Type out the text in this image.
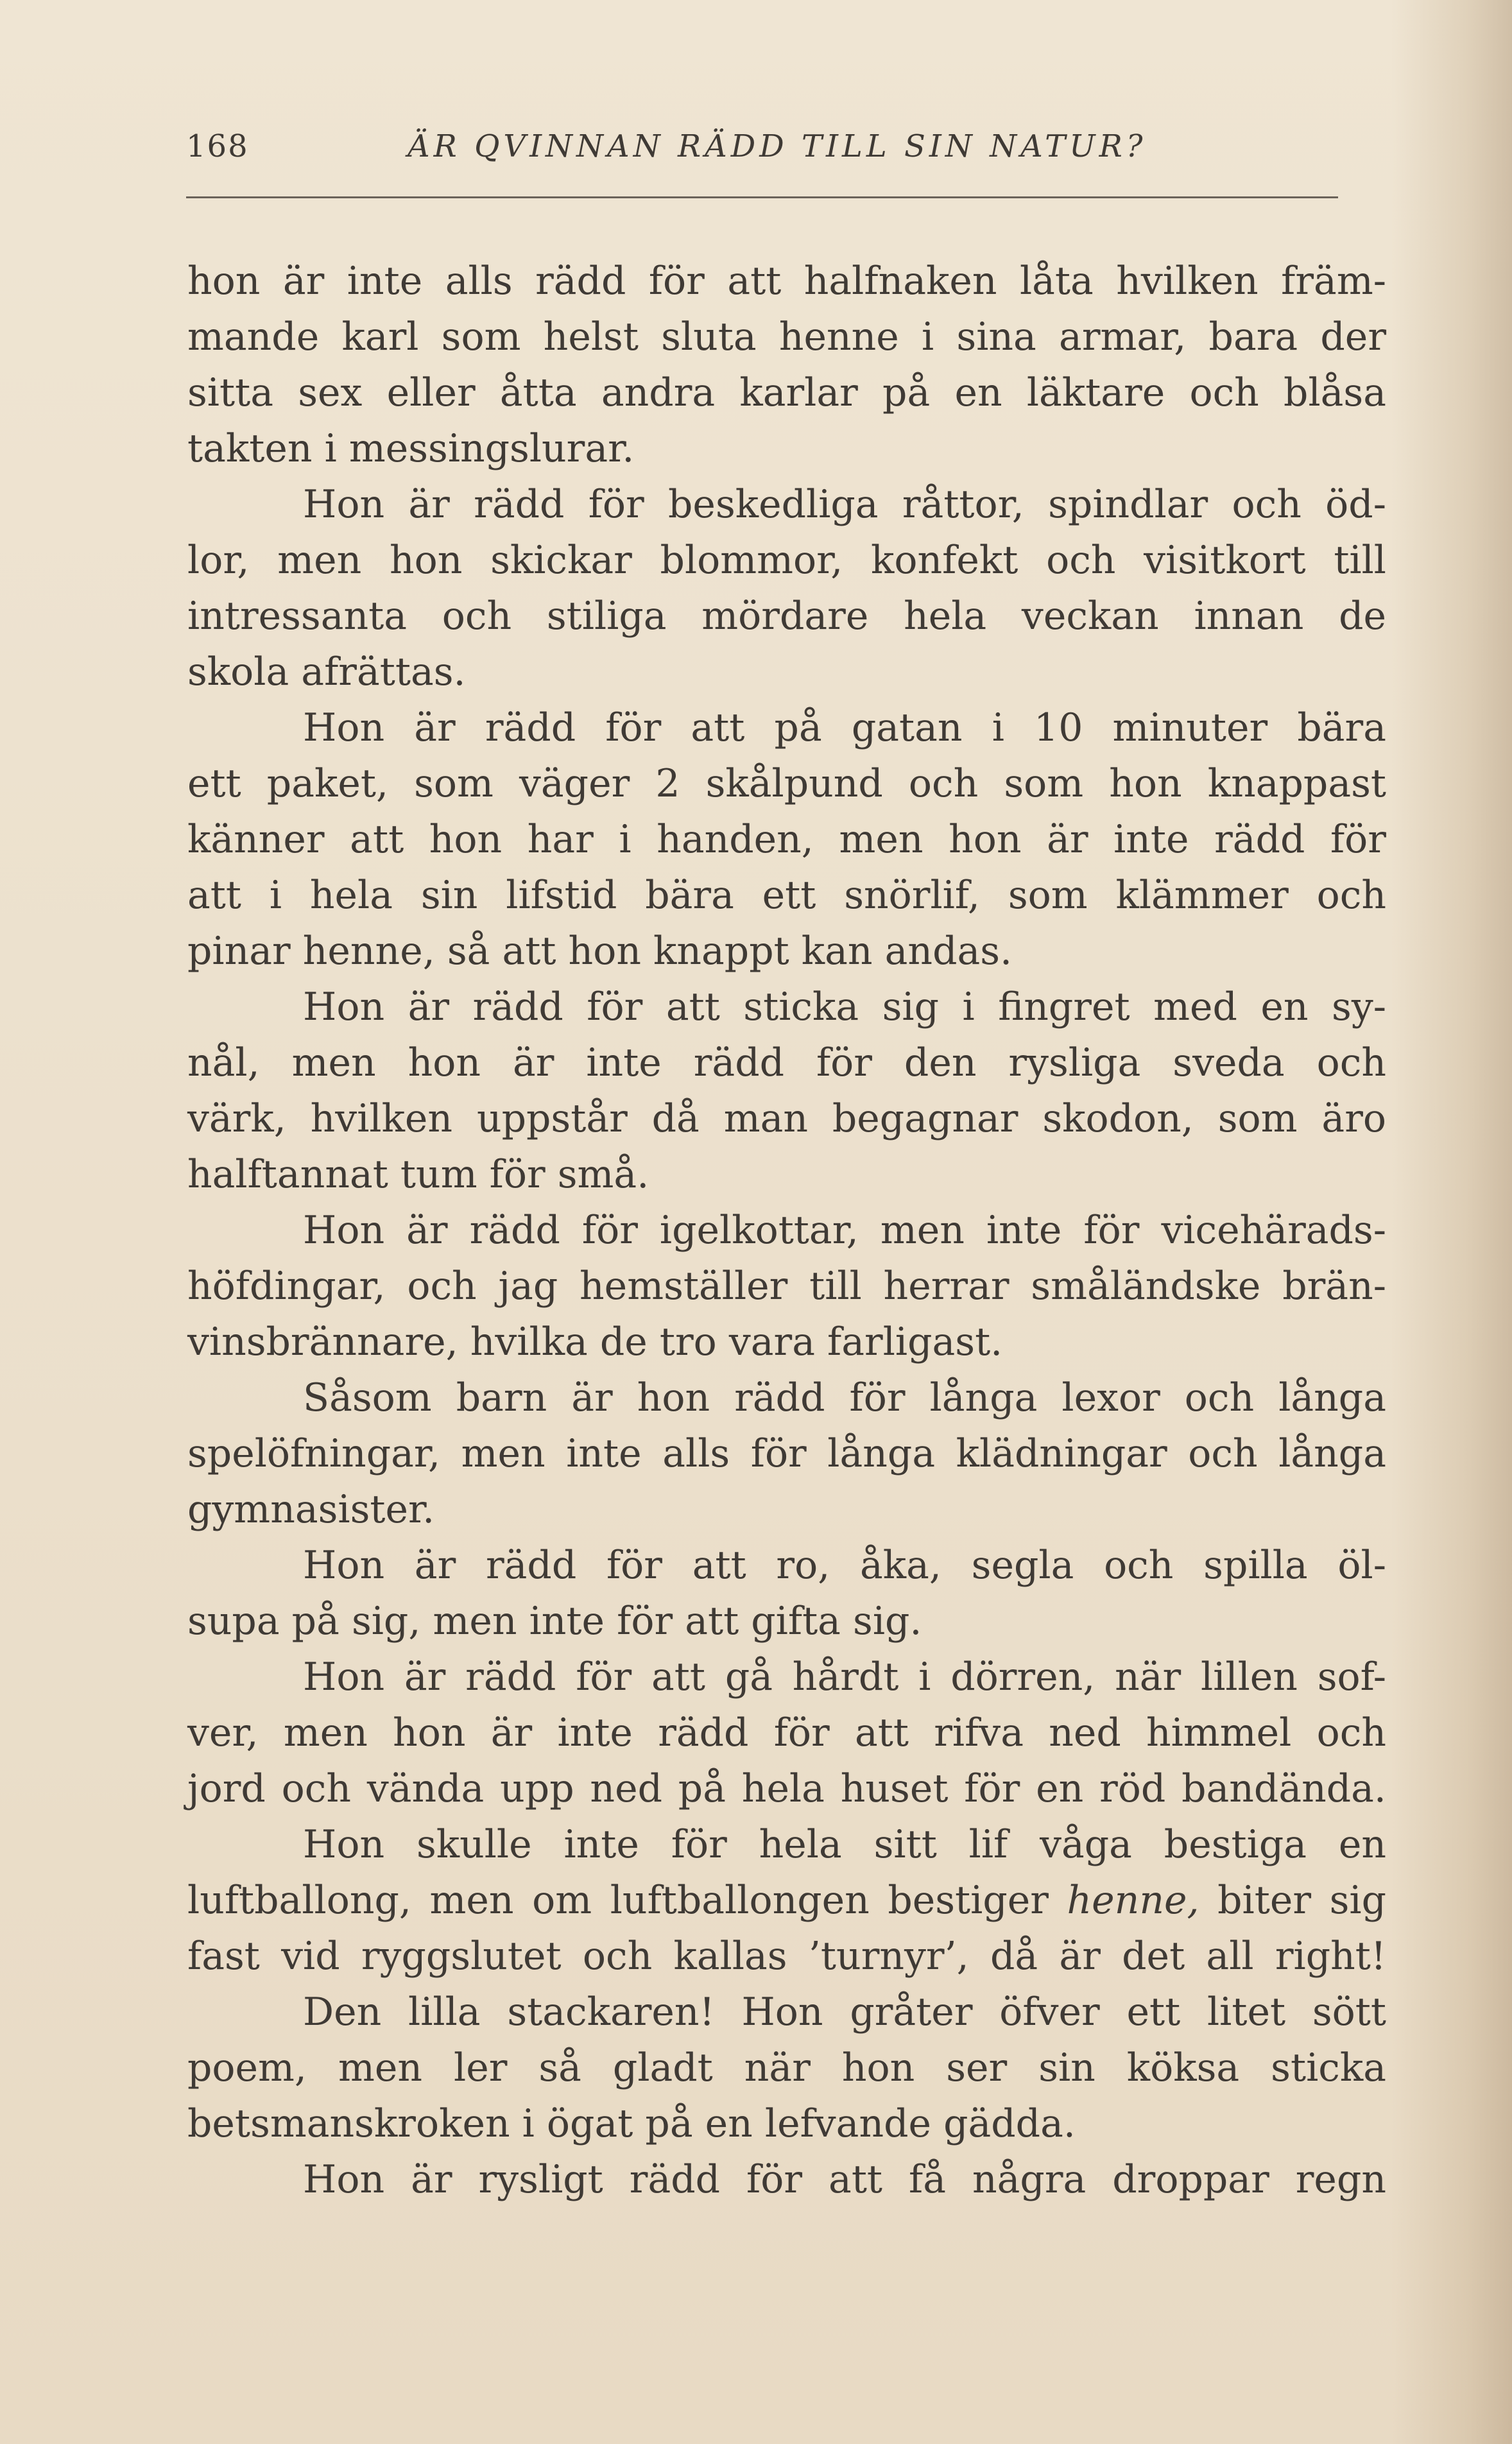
168	ÄR QVINNAN RÄDD TILL SIN NATUR?
hon är inte alls rädd för att halfnaken låta hvilken främ-
mande karl som helst sluta henne i sina armar, bara der
sitta sex eller åtta andra karlar på en läktare och blåsa
takten i messingslurar.
Hon är rädd för beskedliga råttor, spindlar och öd-
lor, men hon skickar blommor, konfekt och visitkort till
intressanta och stiliga mördare hela veckan innan de
skola afrättas.
Hon är rädd för att på gatan i 10 minuter bära
ett paket, som väger 2 skålpund och som hon knappast
känner att hon har i handen, men hon är inte rädd för
att i hela sin lifstid bära ett snörlif, som klämmer och
pinar henne, så att hon knappt kan andas.
Hon är rädd för att sticka sig i fingret med en sy-
nål, men hon är inte rädd för den rysliga sveda och
värk, hvilken uppstår då man begagnar skodon, som äro
halftannat tum för små.
Hon är rädd för igelkottar, men inte för vicehärads-
höfdingar, och jag hemställer till herrar småländske brän-
vinsbrännare, hvilka de tro vara farligast.
Såsom barn är hon rädd för långa lexor och långa
spelöfningar, men inte alls för långa klädningar och långa
gymnasister.
Hon är rädd för att ro, åka, segla och spilla öl-
supa på sig, men inte för att gifta sig.
Hon är rädd för att gå hårdt i dörren, när lillen sof-
ver, men hon är inte rädd för att rifva ned himmel och
jord och vända upp ned på hela huset för en röd bandända.
Hon skulle inte för hela sitt lif våga bestiga en
luftballong, men om luftballongen bestiger henne, biter sig
fast vid ryggslutet och kallas ’turnyr’, då är det all right!
Den lilla stackaren! Hon gråter öfver ett litet sött
poem, men ler så gladt när hon ser sin köksa sticka
betsmanskroken i ögat på en lefvande gädda.
Hon är rysligt rädd för att få några droppar regn
